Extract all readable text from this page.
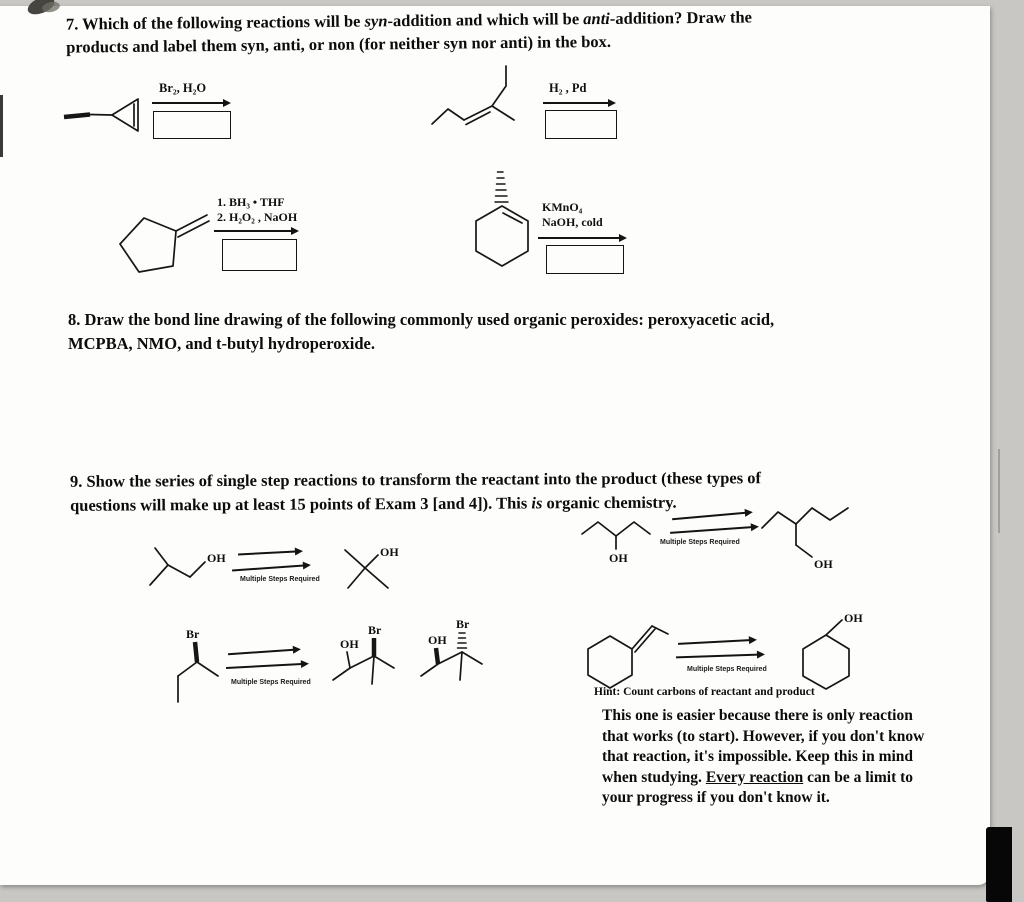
7. Which of the following reactions will be syn-addition and which will be anti-addition? Draw the
products and label them syn, anti, or non (for neither syn nor anti) in the box.
Br₂, H₂O	H₂ , Pd
1. BH₃ • THF
2. H₂O₂ , NaOH
KMnO₄
NaOH, cold
8. Draw the bond line drawing of the following commonly used organic peroxides: peroxyacetic acid,
MCPBA, NMO, and t-butyl hydroperoxide.
9. Show the series of single step reactions to transform the reactant into the product (these types of
questions will make up at least 15 points of Exam 3 [and 4]). This is organic chemistry.
OH
Multiple Steps Required
OH	OH
Multiple Steps Required
OH
Br
Multiple Steps Required
OH
Br
OH
Br
Multiple Steps Required
OH
Hint: Count carbons of reactant and product
This one is easier because there is only reaction that works (to start). However, if you don't know that reaction, it's impossible. Keep this in mind when studying. Every reaction can be a limit to your progress if you don't know it.
